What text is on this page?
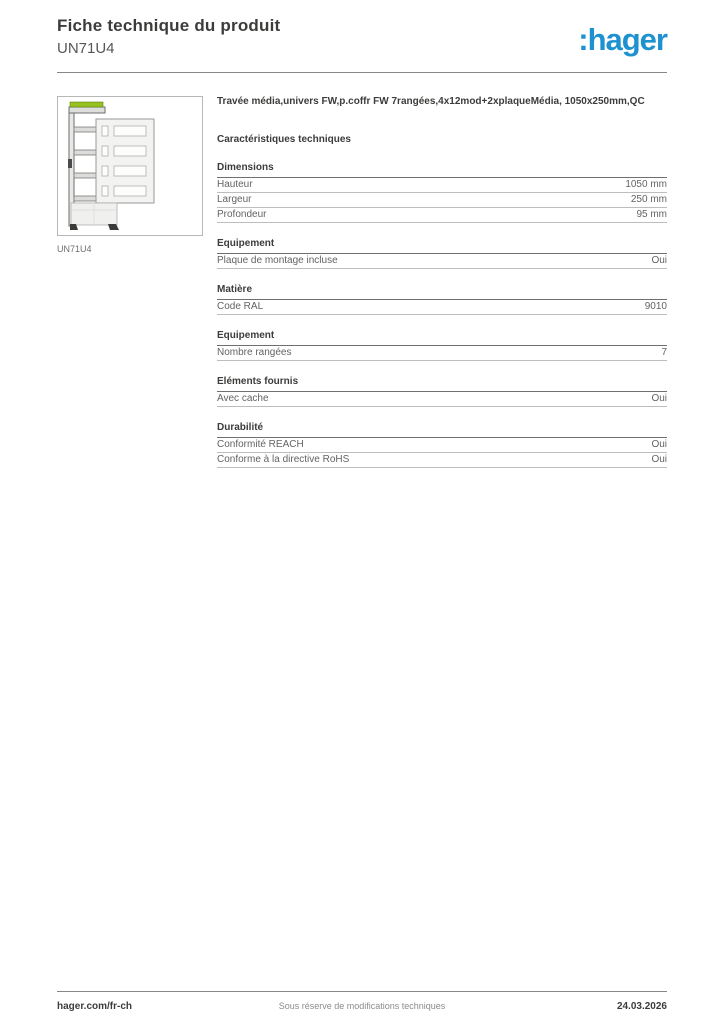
Fiche technique du produit
UN71U4	:hager
UN71U4
Travée média,univers FW,p.coffr FW 7rangées,4x12mod+2xplaqueMédia, 1050x250mm,QC
Caractéristiques techniques
Dimensions
Hauteur	1050 mm
Largeur	250 mm
Profondeur	95 mm
Equipement
Plaque de montage incluse	Oui
Matière
Code RAL	9010
Equipement
Nombre rangées	7
Eléments fournis
Avec cache	Oui
Durabilité
Conformité REACH	Oui
Conforme à la directive RoHS	Oui
hager.com/fr-ch	Sous réserve de modifications techniques	24.03.2026
